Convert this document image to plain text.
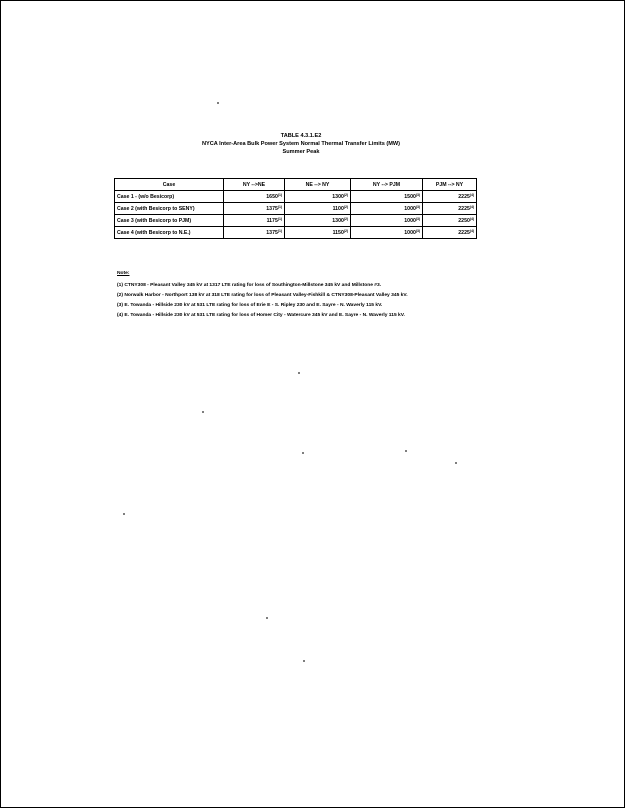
TABLE 4.3.1.E2
NYCA Inter-Area Bulk Power System Normal Thermal Transfer Limits (MW)
Summer Peak
Case	NY -->NE	NE --> NY	NY --> PJM	PJM --> NY
Case 1 - (w/o Besicorp)	1650$^{(1)}$	1300$^{(2)}$	1500$^{(3)}$	2225$^{(4)}$
Case 2 (with Besicorp to SENY)	1375$^{(1)}$	1100$^{(2)}$	1000$^{(3)}$	2225$^{(4)}$
Case 3 (with Besicorp to PJM)	1175$^{(1)}$	1300$^{(2)}$	1000$^{(3)}$	2250$^{(4)}$
Case 4 (with Besicorp to N.E.)	1375$^{(1)}$	1150$^{(2)}$	1000$^{(3)}$	2225$^{(4)}$
Note:
(1) CTNY308 - Pleasant Valley 345 kV at 1317 LTE rating for loss of Southington-Millstone 345 kV and Millstone #3.
(2) Norwalk Harbor - Northport 138 kV at 318 LTE rating for loss of Pleasant Valley-Fishkill & CTNY308-Pleasant Valley 345 kV.
(3) E. Towanda - Hillside 230 kV at 531 LTE rating for loss of Erie E - S. Ripley 230 and E. Sayre - N. Waverly 115 kV.
(4) E. Towanda - Hillside 230 kV at 531 LTE rating for loss of Homer City - Watercure 345 kV and E. Sayre - N. Waverly 115 kV.
